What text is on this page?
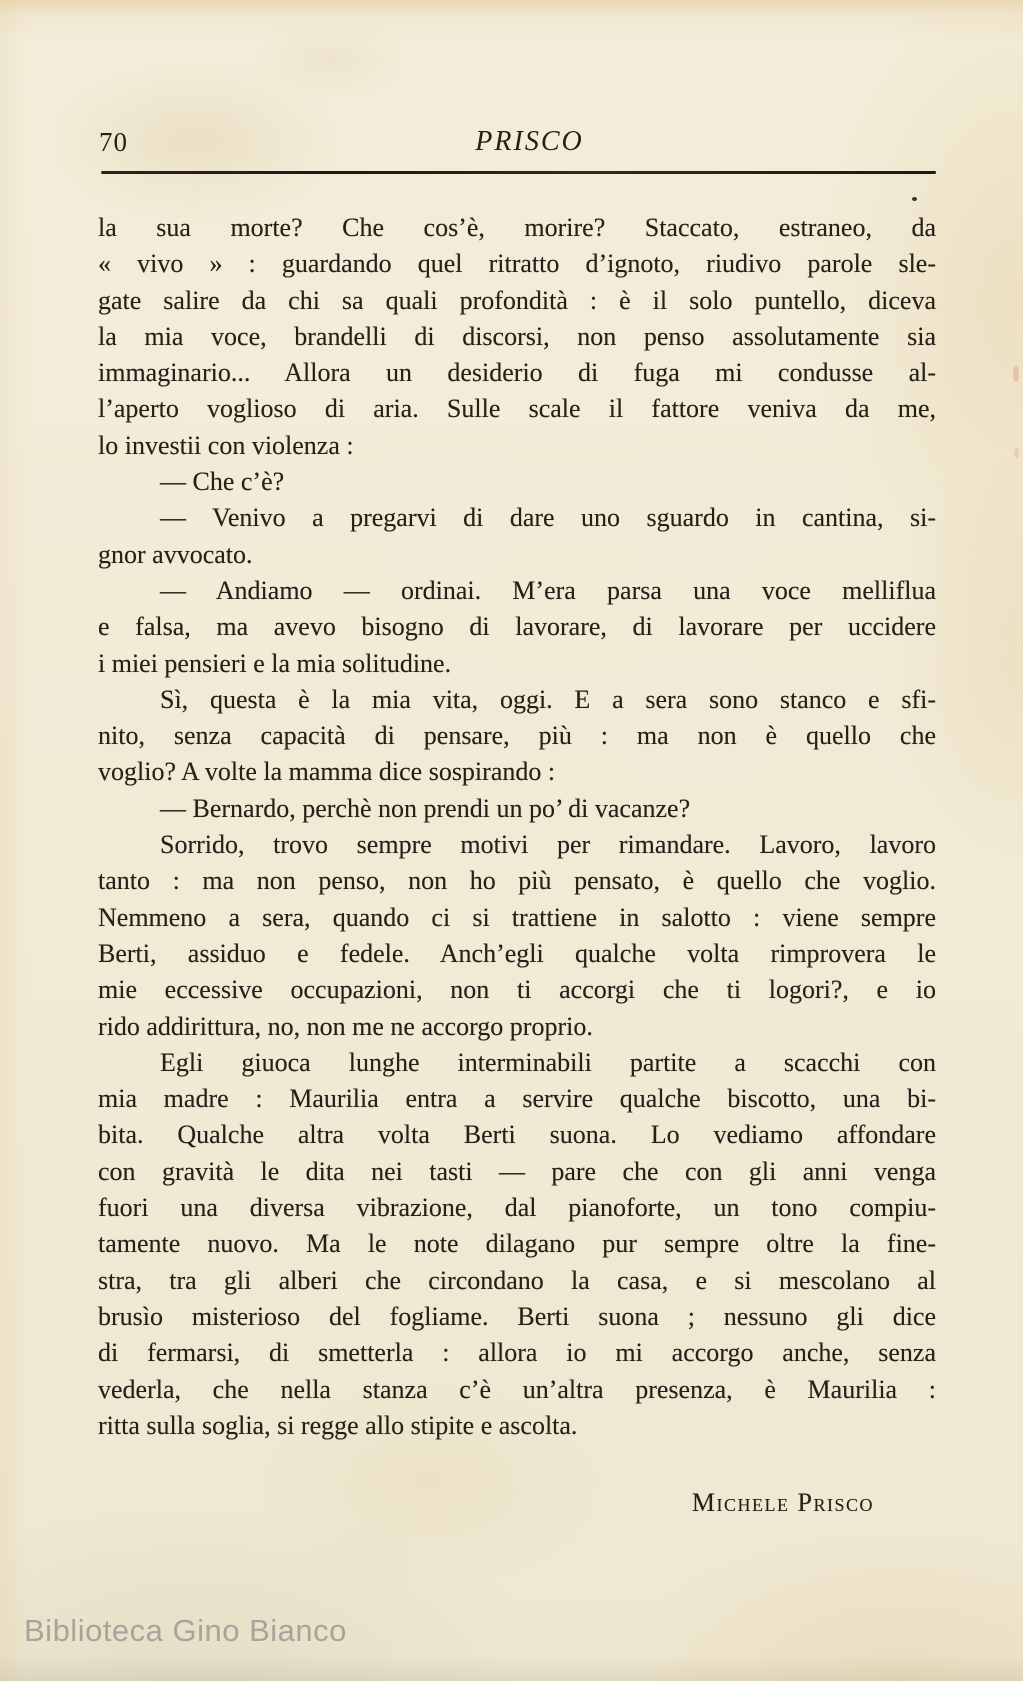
70	PRISCO
la sua morte? Che cos’è, morire? Staccato, estraneo, da
« vivo » : guardando quel ritratto d’ignoto, riudivo parole sle-
gate salire da chi sa quali profondità : è il solo puntello, diceva
la mia voce, brandelli di discorsi, non penso assolutamente sia
immaginario... Allora un desiderio di fuga mi condusse al-
l’aperto voglioso di aria. Sulle scale il fattore veniva da me,
lo investii con violenza :
— Che c’è?
— Venivo a pregarvi di dare uno sguardo in cantina, si-
gnor avvocato.
— Andiamo — ordinai. M’era parsa una voce melliflua
e falsa, ma avevo bisogno di lavorare, di lavorare per uccidere
i miei pensieri e la mia solitudine.
Sì, questa è la mia vita, oggi. E a sera sono stanco e sfi-
nito, senza capacità di pensare, più : ma non è quello che
voglio? A volte la mamma dice sospirando :
— Bernardo, perchè non prendi un po’ di vacanze?
Sorrido, trovo sempre motivi per rimandare. Lavoro, lavoro
tanto : ma non penso, non ho più pensato, è quello che voglio.
Nemmeno a sera, quando ci si trattiene in salotto : viene sempre
Berti, assiduo e fedele. Anch’egli qualche volta rimprovera le
mie eccessive occupazioni, non ti accorgi che ti logori?, e io
rido addirittura, no, non me ne accorgo proprio.
Egli giuoca lunghe interminabili partite a scacchi con
mia madre : Maurilia entra a servire qualche biscotto, una bi-
bita. Qualche altra volta Berti suona. Lo vediamo affondare
con gravità le dita nei tasti — pare che con gli anni venga
fuori una diversa vibrazione, dal pianoforte, un tono compiu-
tamente nuovo. Ma le note dilagano pur sempre oltre la fine-
stra, tra gli alberi che circondano la casa, e si mescolano al
brusìo misterioso del fogliame. Berti suona ; nessuno gli dice
di fermarsi, di smetterla : allora io mi accorgo anche, senza
vederla, che nella stanza c’è un’altra presenza, è Maurilia :
ritta sulla soglia, si regge allo stipite e ascolta.
Michele Prisco
Biblioteca Gino Bianco
